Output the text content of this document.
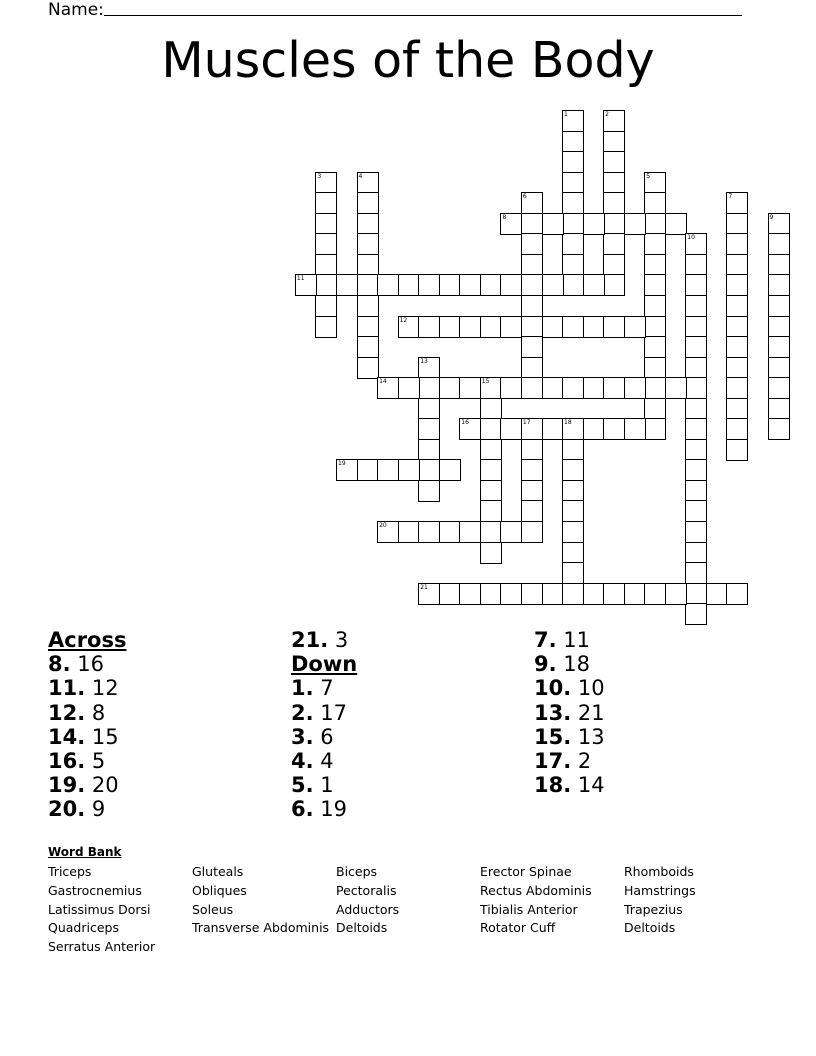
Name:
Muscles of the Body
1	2
3	4	5
6	7
8	9
10
11
12
13
14	15
16	17	18
19
20
21
Across
8. 16
11. 12
12. 8
14. 15
16. 5
19. 20
20. 9
21. 3
Down
1. 7
2. 17
3. 6
4. 4
5. 1
6. 19
7. 11
9. 18
10. 10
13. 21
15. 13
17. 2
18. 14
Word Bank
Triceps
Gastrocnemius
Latissimus Dorsi
Quadriceps
Serratus Anterior
Gluteals
Obliques
Soleus
Transverse Abdominis
Biceps
Pectoralis
Adductors
Deltoids
Erector Spinae
Rectus Abdominis
Tibialis Anterior
Rotator Cuff
Rhomboids
Hamstrings
Trapezius
Deltoids
